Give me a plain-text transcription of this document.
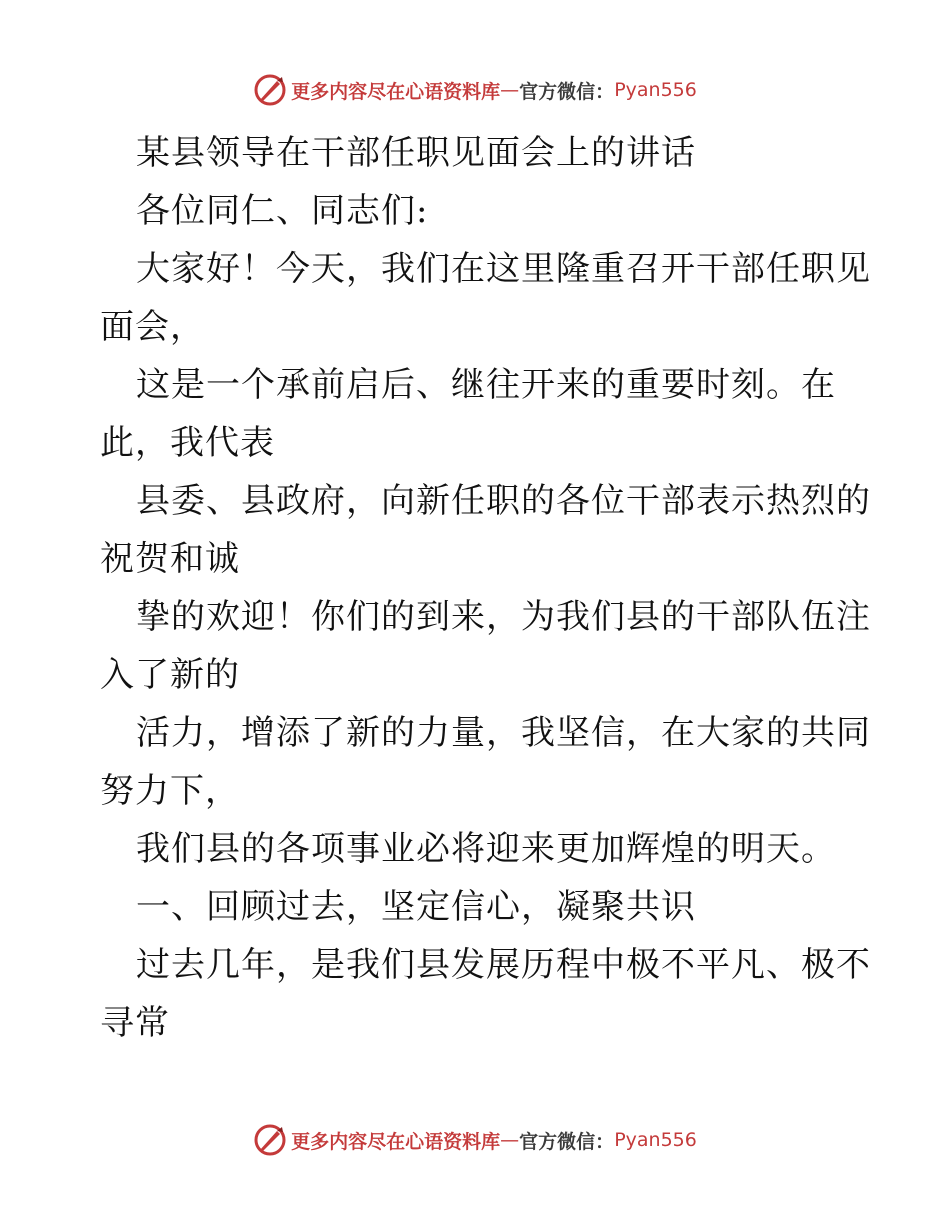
更多内容尽在心语资料库 — 官方微信： Pyan556
某县领导在干部任职见面会上的讲话
各位同仁、同志们:
大家好！今天，我们在这里隆重召开干部任职见
面会，
这是一个承前启后、继往开来的重要时刻。在
此，我代表
县委、县政府，向新任职的各位干部表示热烈的
祝贺和诚
挚的欢迎！你们的到来，为我们县的干部队伍注
入了新的
活力，增添了新的力量，我坚信，在大家的共同
努力下，
我们县的各项事业必将迎来更加辉煌的明天。
一、回顾过去，坚定信心，凝聚共识
过去几年，是我们县发展历程中极不平凡、极不
寻常
更多内容尽在心语资料库 — 官方微信： Pyan556
